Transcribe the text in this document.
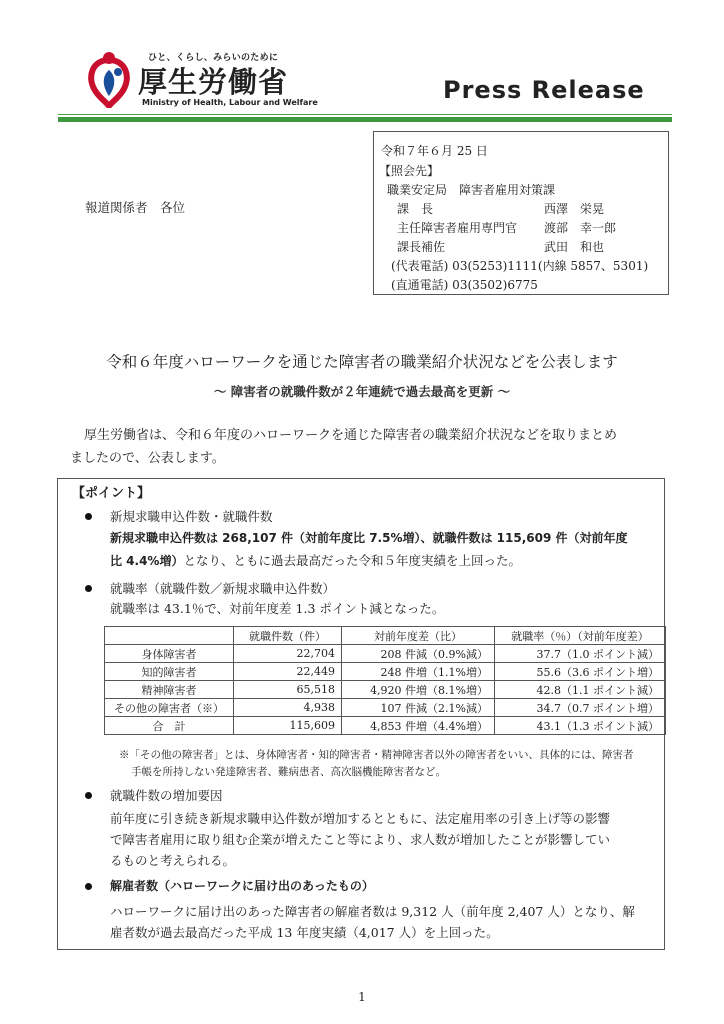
ひと、くらし、みらいのために
厚生労働省
Ministry of Health, Labour and Welfare	Press Release
報道関係者　各位
令和７年６月 25 日
【照会先】
職業安定局　障害者雇用対策課
課　長	西澤　栄晃
主任障害者雇用専門官 渡部　幸一郎
課長補佐	武田　和也
(代表電話) 03(5253)1111(内線 5857、5301)
(直通電話) 03(3502)6775
令和６年度ハローワークを通じた障害者の職業紹介状況などを公表します
～ 障害者の就職件数が２年連続で過去最高を更新 ～
厚生労働省は、令和６年度のハローワークを通じた障害者の職業紹介状況などを取りまとめ
ましたので、公表します。
【ポイント】
新規求職申込件数・就職件数
新規求職申込件数は 268,107 件（対前年度比 7.5%増）、就職件数は 115,609 件（対前年度
比 4.4%増）となり、ともに過去最高だった令和５年度実績を上回った。
就職率（就職件数／新規求職申込件数）
就職率は 43.1％で、対前年度差 1.3 ポイント減となった。
	就職件数（件）	対前年度差（比）	就職率（％）（対前年度差）
身体障害者	22,704	208 件減（0.9%減）	37.7（1.0 ポイント減）
知的障害者	22,449	248 件増（1.1%増）	55.6（3.6 ポイント増）
精神障害者	65,518	4,920 件増（8.1%増）	42.8（1.1 ポイント減）
その他の障害者（※）	4,938	107 件減（2.1%減）	34.7（0.7 ポイント増）
合　計	115,609	4,853 件増（4.4%増）	43.1（1.3 ポイント減）
※「その他の障害者」とは、身体障害者・知的障害者・精神障害者以外の障害者をいい、具体的には、障害者
手帳を所持しない発達障害者、難病患者、高次脳機能障害者など。
就職件数の増加要因
前年度に引き続き新規求職申込件数が増加するとともに、法定雇用率の引き上げ等の影響
で障害者雇用に取り組む企業が増えたこと等により、求人数が増加したことが影響してい
るものと考えられる。
解雇者数（ハローワークに届け出のあったもの）
ハローワークに届け出のあった障害者の解雇者数は 9,312 人（前年度 2,407 人）となり、解
雇者数が過去最高だった平成 13 年度実績（4,017 人）を上回った。
1
